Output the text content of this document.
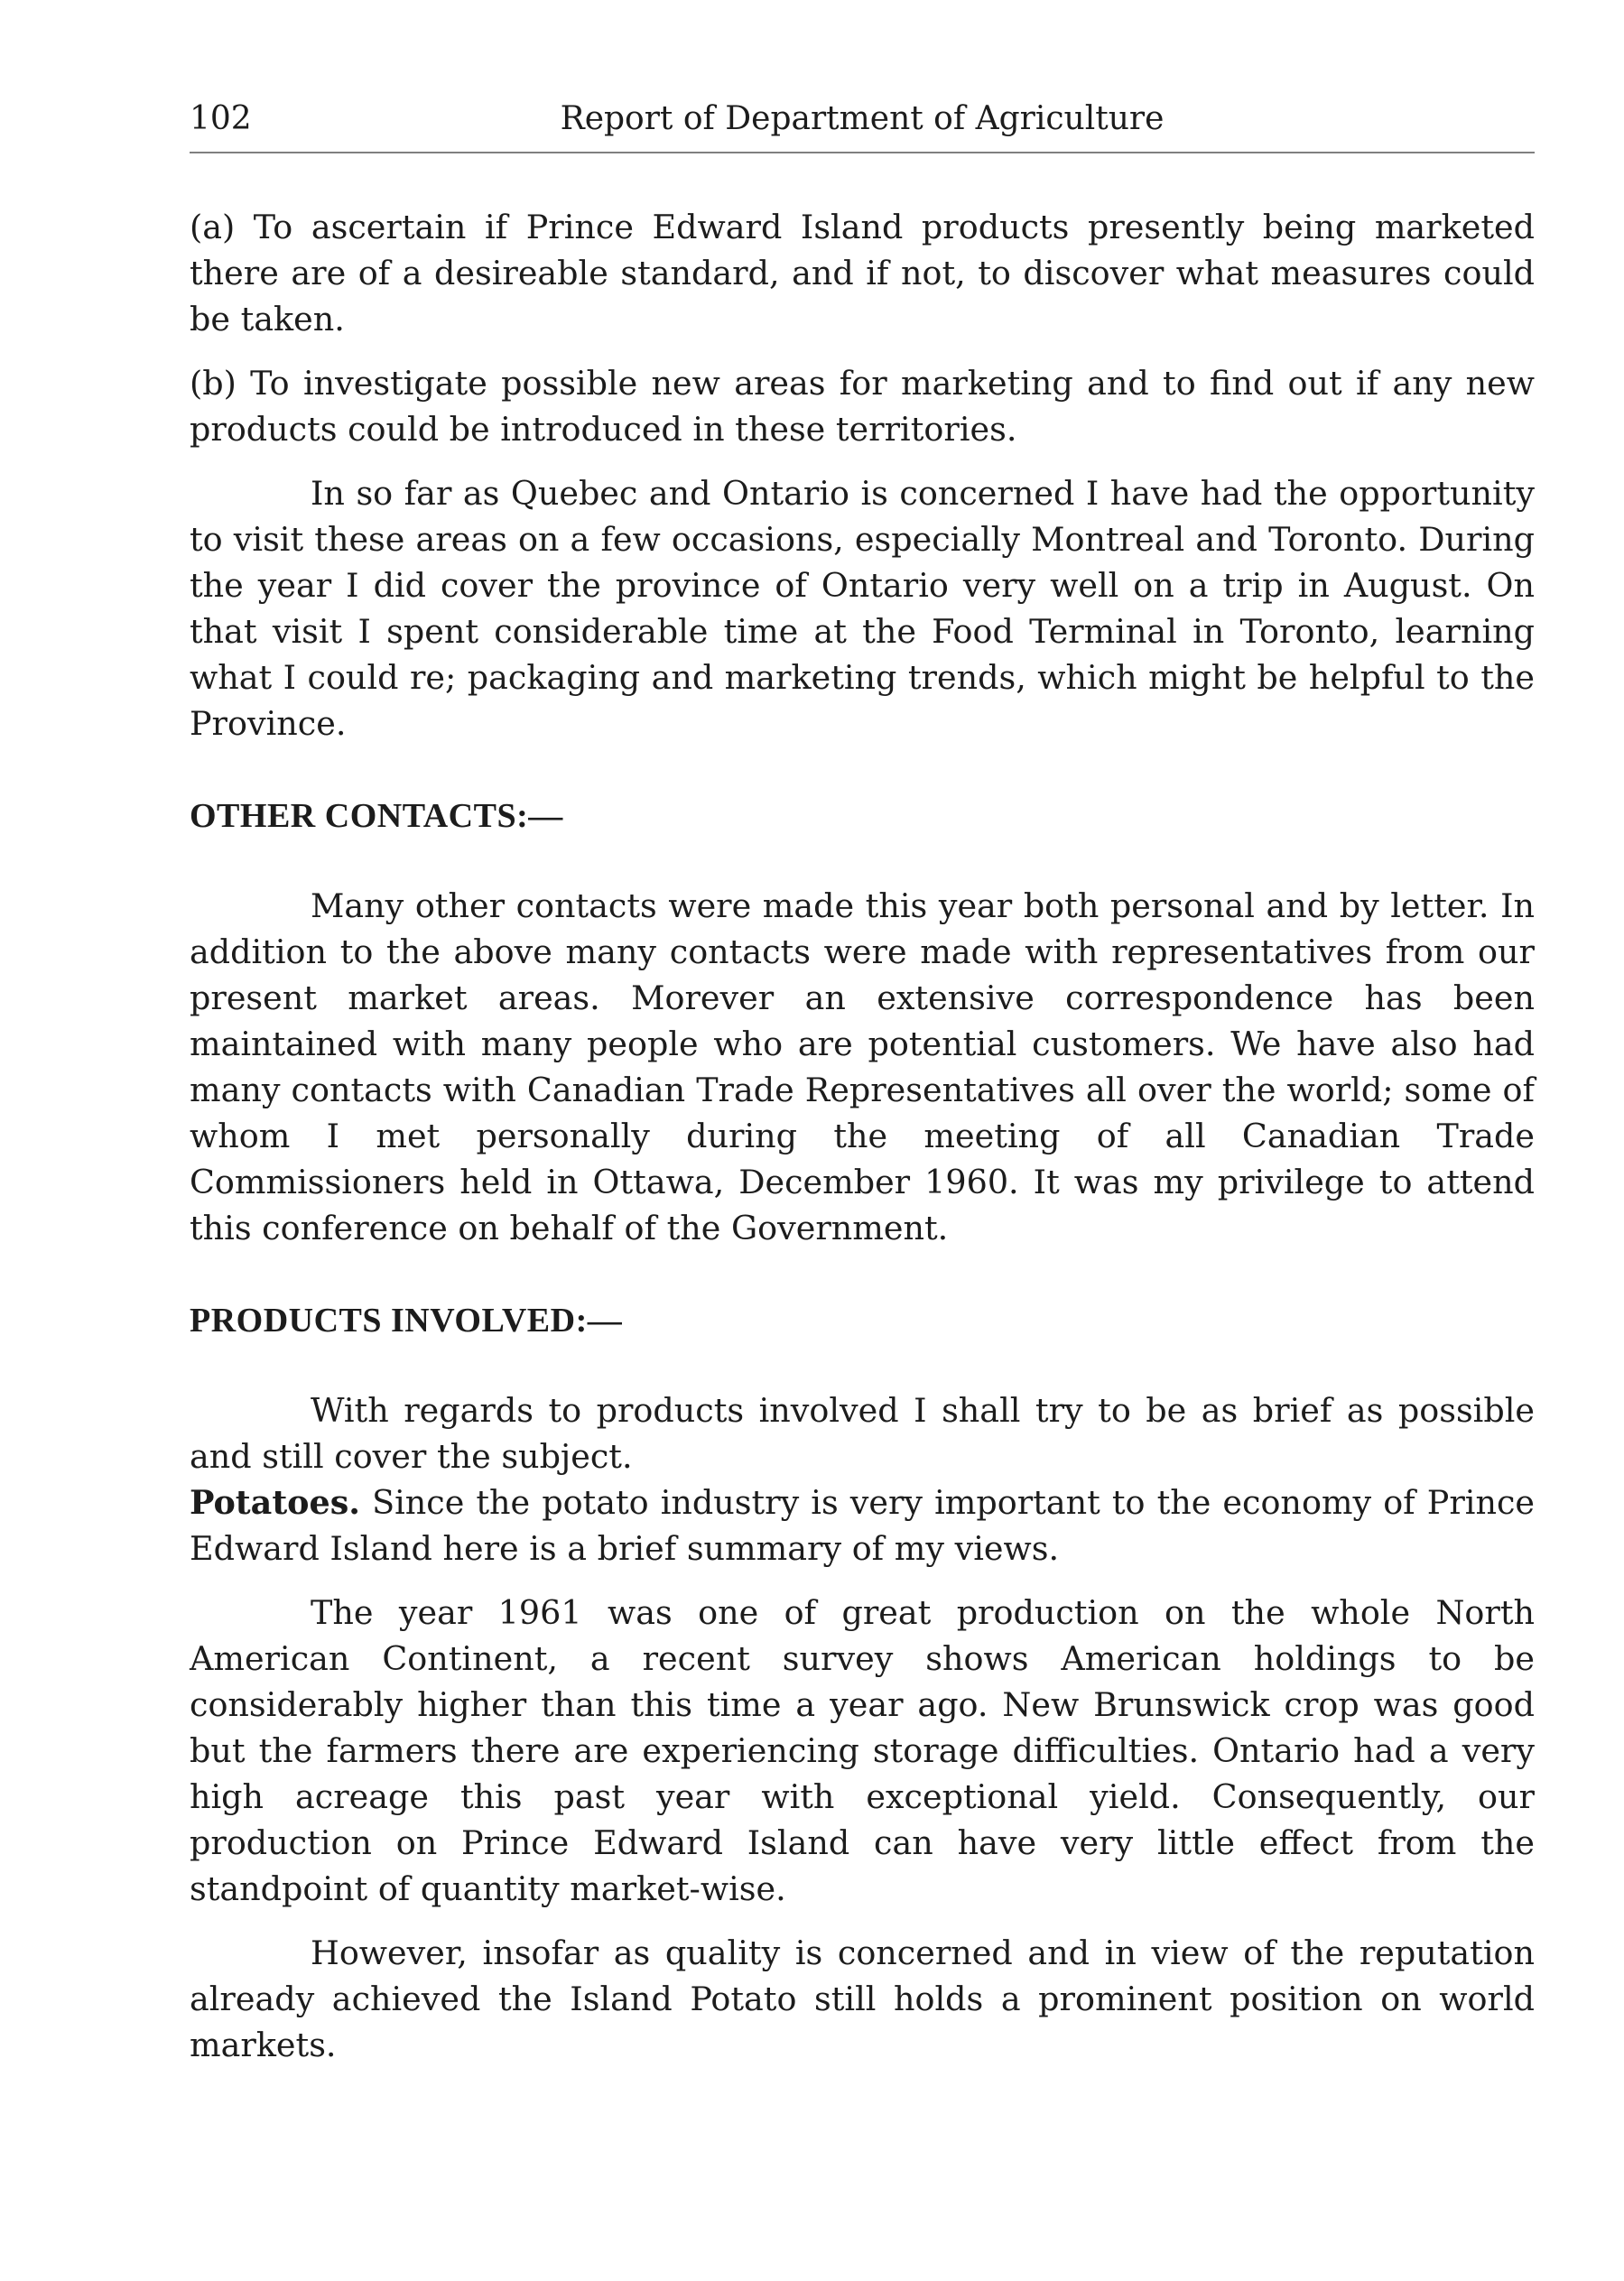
102	Report of Department of Agriculture

(a) To ascertain if Prince Edward Island products presently being marketed there are of a desireable standard, and if not, to discover what measures could be taken.

(b) To investigate possible new areas for marketing and to find out if any new products could be introduced in these territories.

In so far as Quebec and Ontario is concerned I have had the opportunity to visit these areas on a few occasions, especially Montreal and Toronto. During the year I did cover the province of Ontario very well on a trip in August. On that visit I spent considerable time at the Food Terminal in Toronto, learning what I could re; packaging and marketing trends, which might be helpful to the Province.

OTHER CONTACTS:—

Many other contacts were made this year both personal and by letter. In addition to the above many contacts were made with representatives from our present market areas. Morever an extensive correspondence has been maintained with many people who are potential customers. We have also had many contacts with Canadian Trade Representatives all over the world; some of whom I met personally during the meeting of all Canadian Trade Commissioners held in Ottawa, December 1960. It was my privilege to attend this conference on behalf of the Government.

PRODUCTS INVOLVED:—

With regards to products involved I shall try to be as brief as possible and still cover the subject.

Potatoes. Since the potato industry is very important to the economy of Prince Edward Island here is a brief summary of my views.

The year 1961 was one of great production on the whole North American Continent, a recent survey shows American holdings to be considerably higher than this time a year ago. New Brunswick crop was good but the farmers there are experiencing storage difficulties. Ontario had a very high acreage this past year with exceptional yield. Consequently, our production on Prince Edward Island can have very little effect from the standpoint of quantity market-wise.

However, insofar as quality is concerned and in view of the reputation already achieved the Island Potato still holds a prominent position on world markets.
